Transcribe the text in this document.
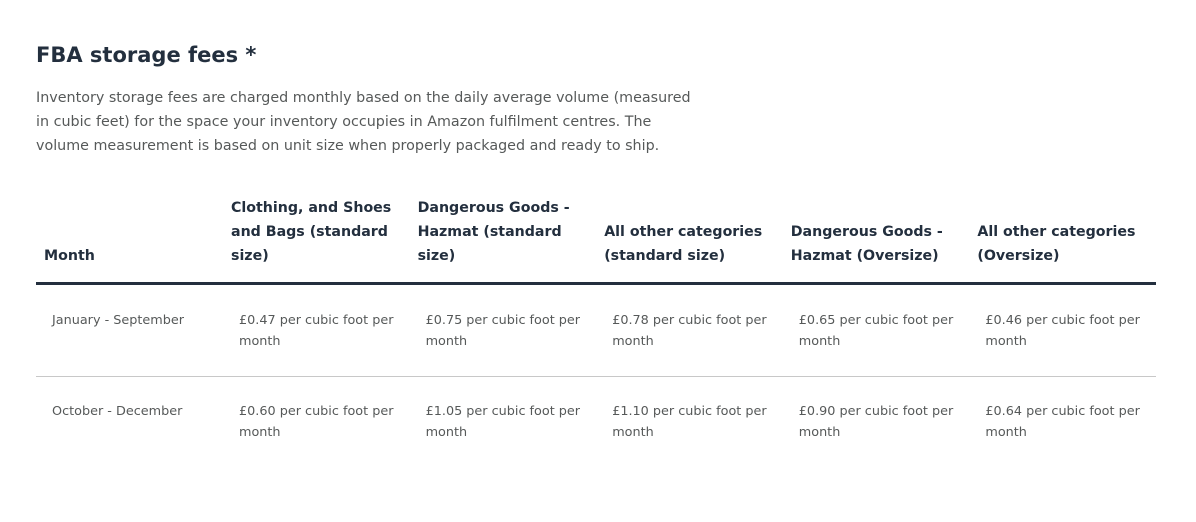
FBA storage fees *
Inventory storage fees are charged monthly based on the daily average volume (measured in cubic feet) for the space your inventory occupies in Amazon fulfilment centres. The volume measurement is based on unit size when properly packaged and ready to ship.
Month	Clothing, and Shoes and Bags (standard size)	Dangerous Goods - Hazmat (standard size)	All other categories (standard size)	Dangerous Goods - Hazmat (Oversize)	All other categories (Oversize)
January - September	£0.47 per cubic foot per month	£0.75 per cubic foot per month	£0.78 per cubic foot per month	£0.65 per cubic foot per month	£0.46 per cubic foot per month
October - December	£0.60 per cubic foot per month	£1.05 per cubic foot per month	£1.10 per cubic foot per month	£0.90 per cubic foot per month	£0.64 per cubic foot per month
